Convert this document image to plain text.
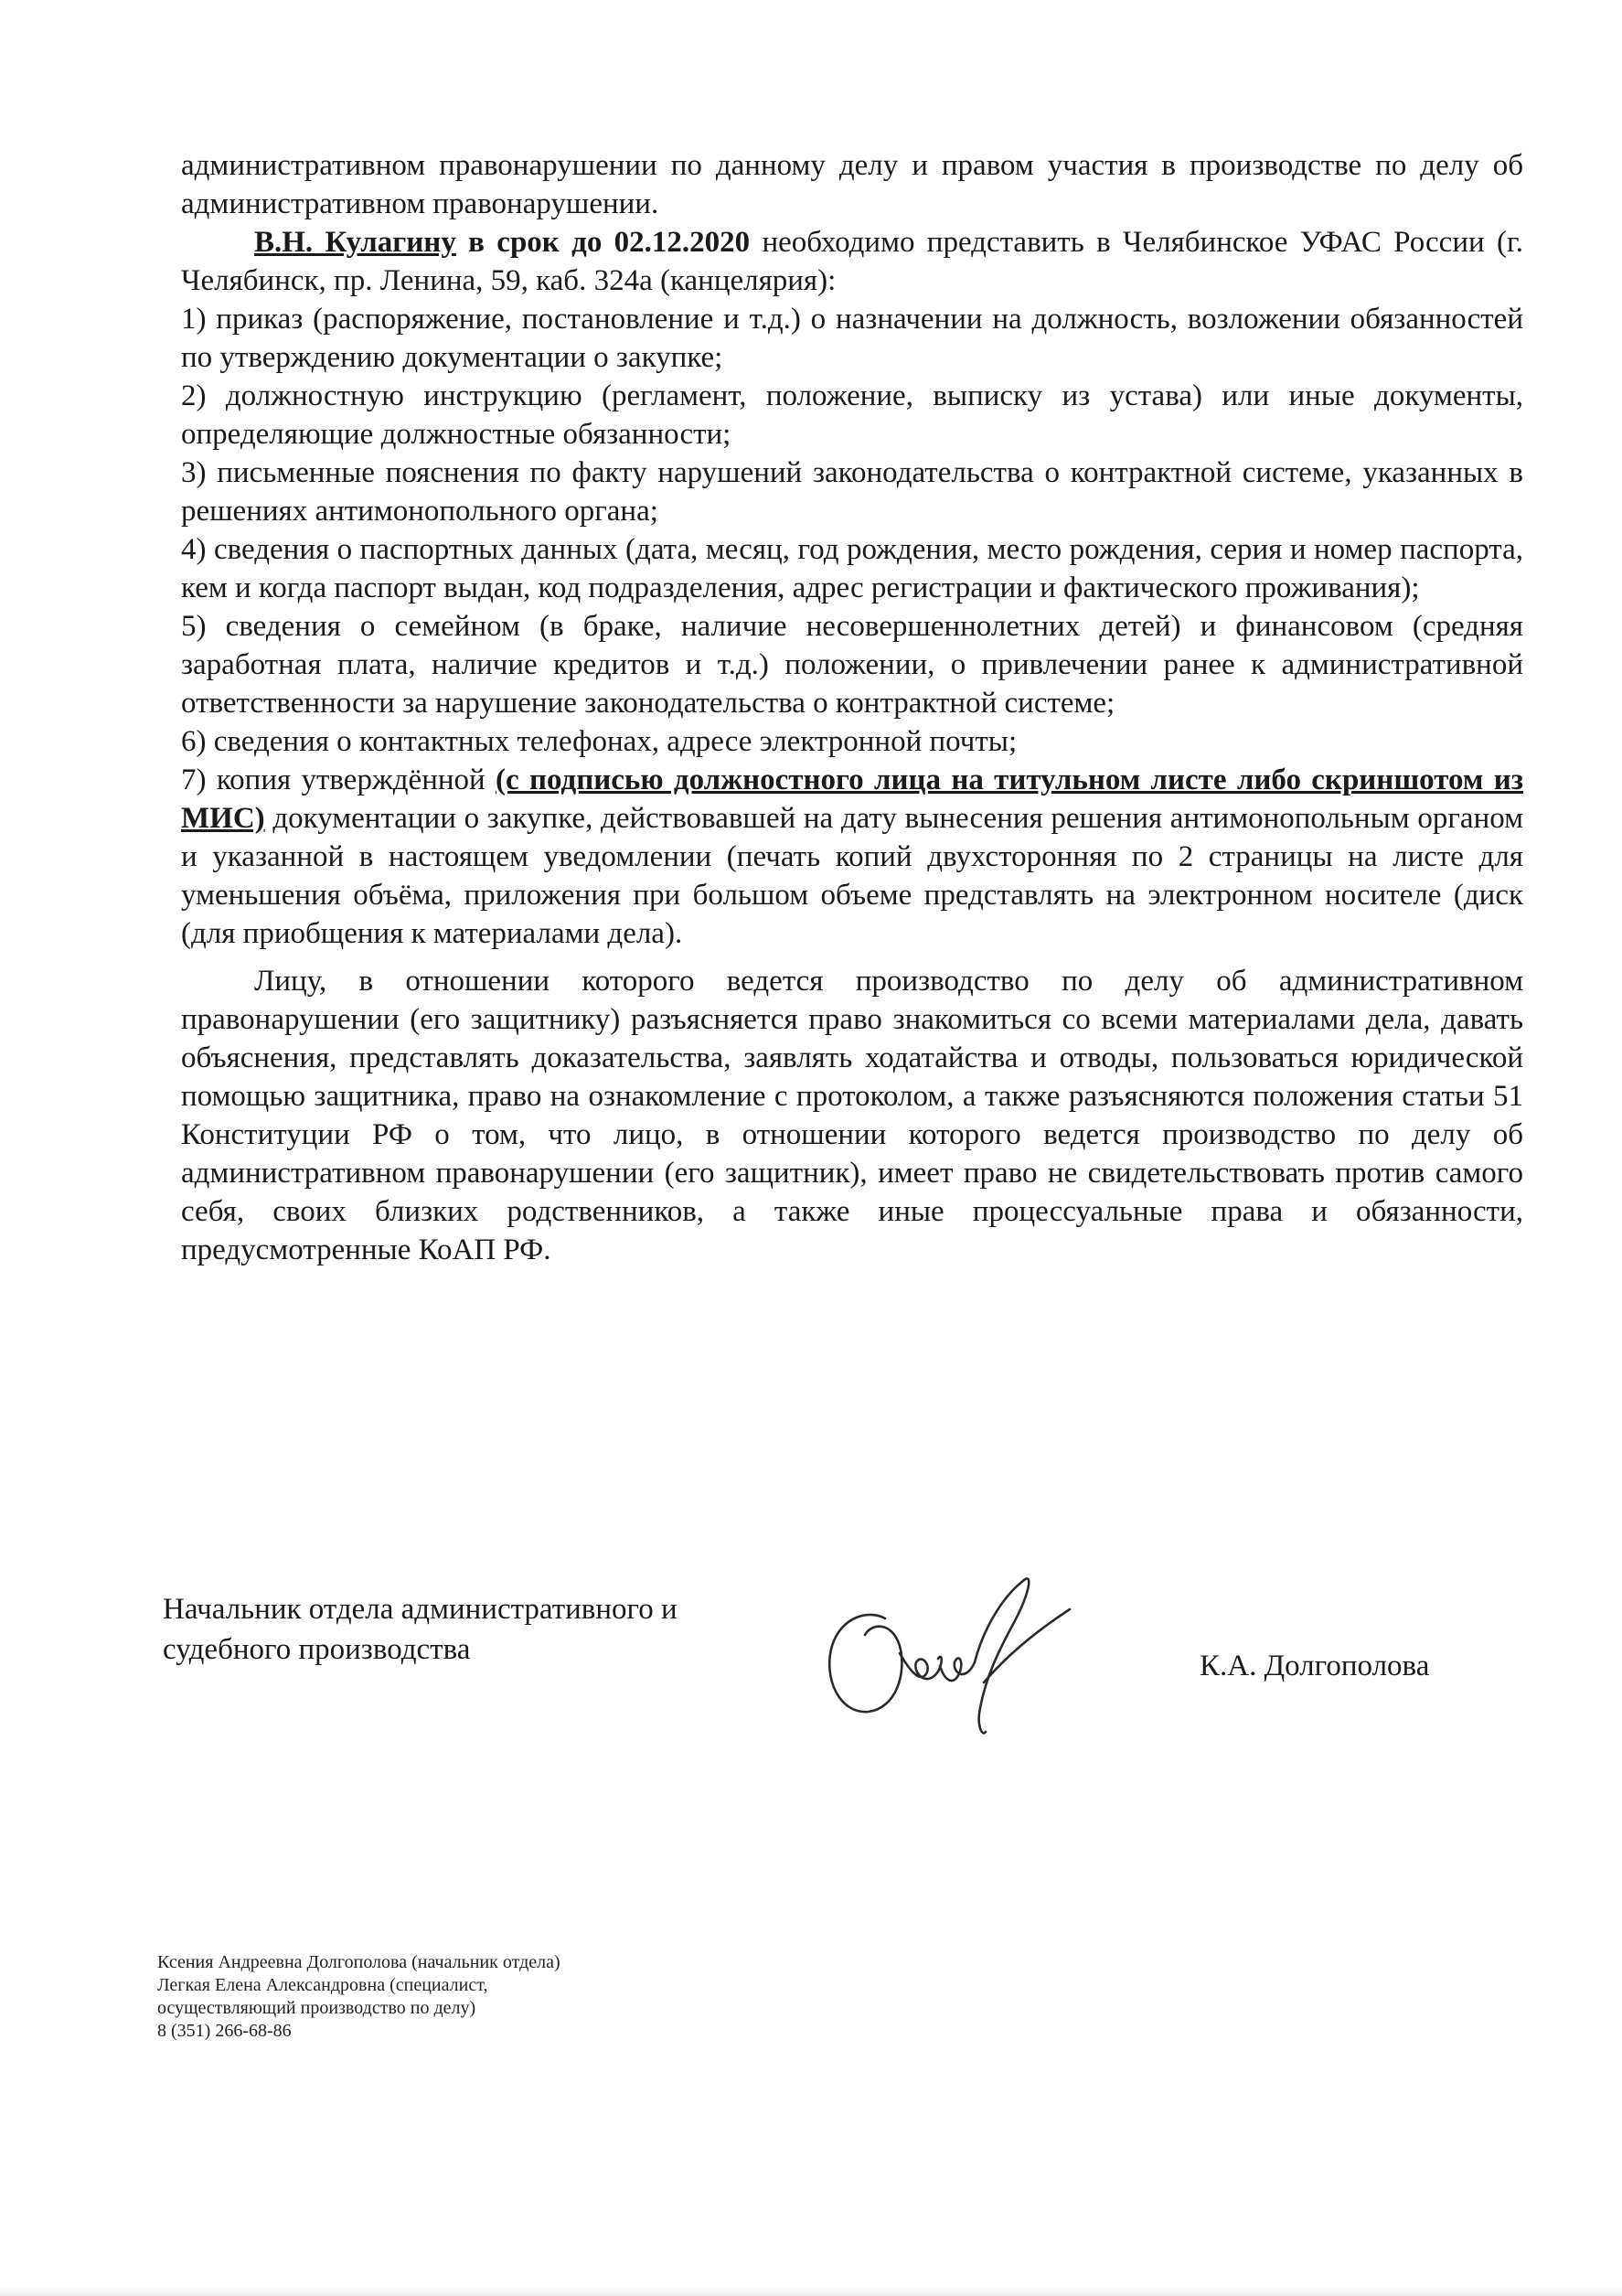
административном правонарушении по данному делу и правом участия в производстве по делу об административном правонарушении.

В.Н. Кулагину в срок до 02.12.2020 необходимо представить в Челябинское УФАС России (г. Челябинск, пр. Ленина, 59, каб. 324а (канцелярия):

1) приказ (распоряжение, постановление и т.д.) о назначении на должность, возложении обязанностей по утверждению документации о закупке;

2) должностную инструкцию (регламент, положение, выписку из устава) или иные документы, определяющие должностные обязанности;

3) письменные пояснения по факту нарушений законодательства о контрактной системе, указанных в решениях антимонопольного органа;

4) сведения о паспортных данных (дата, месяц, год рождения, место рождения, серия и номер паспорта, кем и когда паспорт выдан, код подразделения, адрес регистрации и фактического проживания);

5) сведения о семейном (в браке, наличие несовершеннолетних детей) и финансовом (средняя заработная плата, наличие кредитов и т.д.) положении, о привлечении ранее к административной ответственности за нарушение законодательства о контрактной системе;

6) сведения о контактных телефонах, адресе электронной почты;

7) копия утверждённой (с подписью должностного лица на титульном листе либо скриншотом из МИС) документации о закупке, действовавшей на дату вынесения решения антимонопольным органом и указанной в настоящем уведомлении (печать копий двухсторонняя по 2 страницы на листе для уменьшения объёма, приложения при большом объеме представлять на электронном носителе (диск (для приобщения к материалами дела).

Лицу, в отношении которого ведется производство по делу об административном правонарушении (его защитнику) разъясняется право знакомиться со всеми материалами дела, давать объяснения, представлять доказательства, заявлять ходатайства и отводы, пользоваться юридической помощью защитника, право на ознакомление с протоколом, а также разъясняются положения статьи 51 Конституции РФ о том, что лицо, в отношении которого ведется производство по делу об административном правонарушении (его защитник), имеет право не свидетельствовать против самого себя, своих близких родственников, а также иные процессуальные права и обязанности, предусмотренные КоАП РФ.

Начальник отдела административного и
судебного производства	К.А. Долгополова
Ксения Андреевна Долгополова (начальник отдела)
Легкая Елена Александровна (специалист,
осуществляющий производство по делу)
8 (351) 266-68-86
